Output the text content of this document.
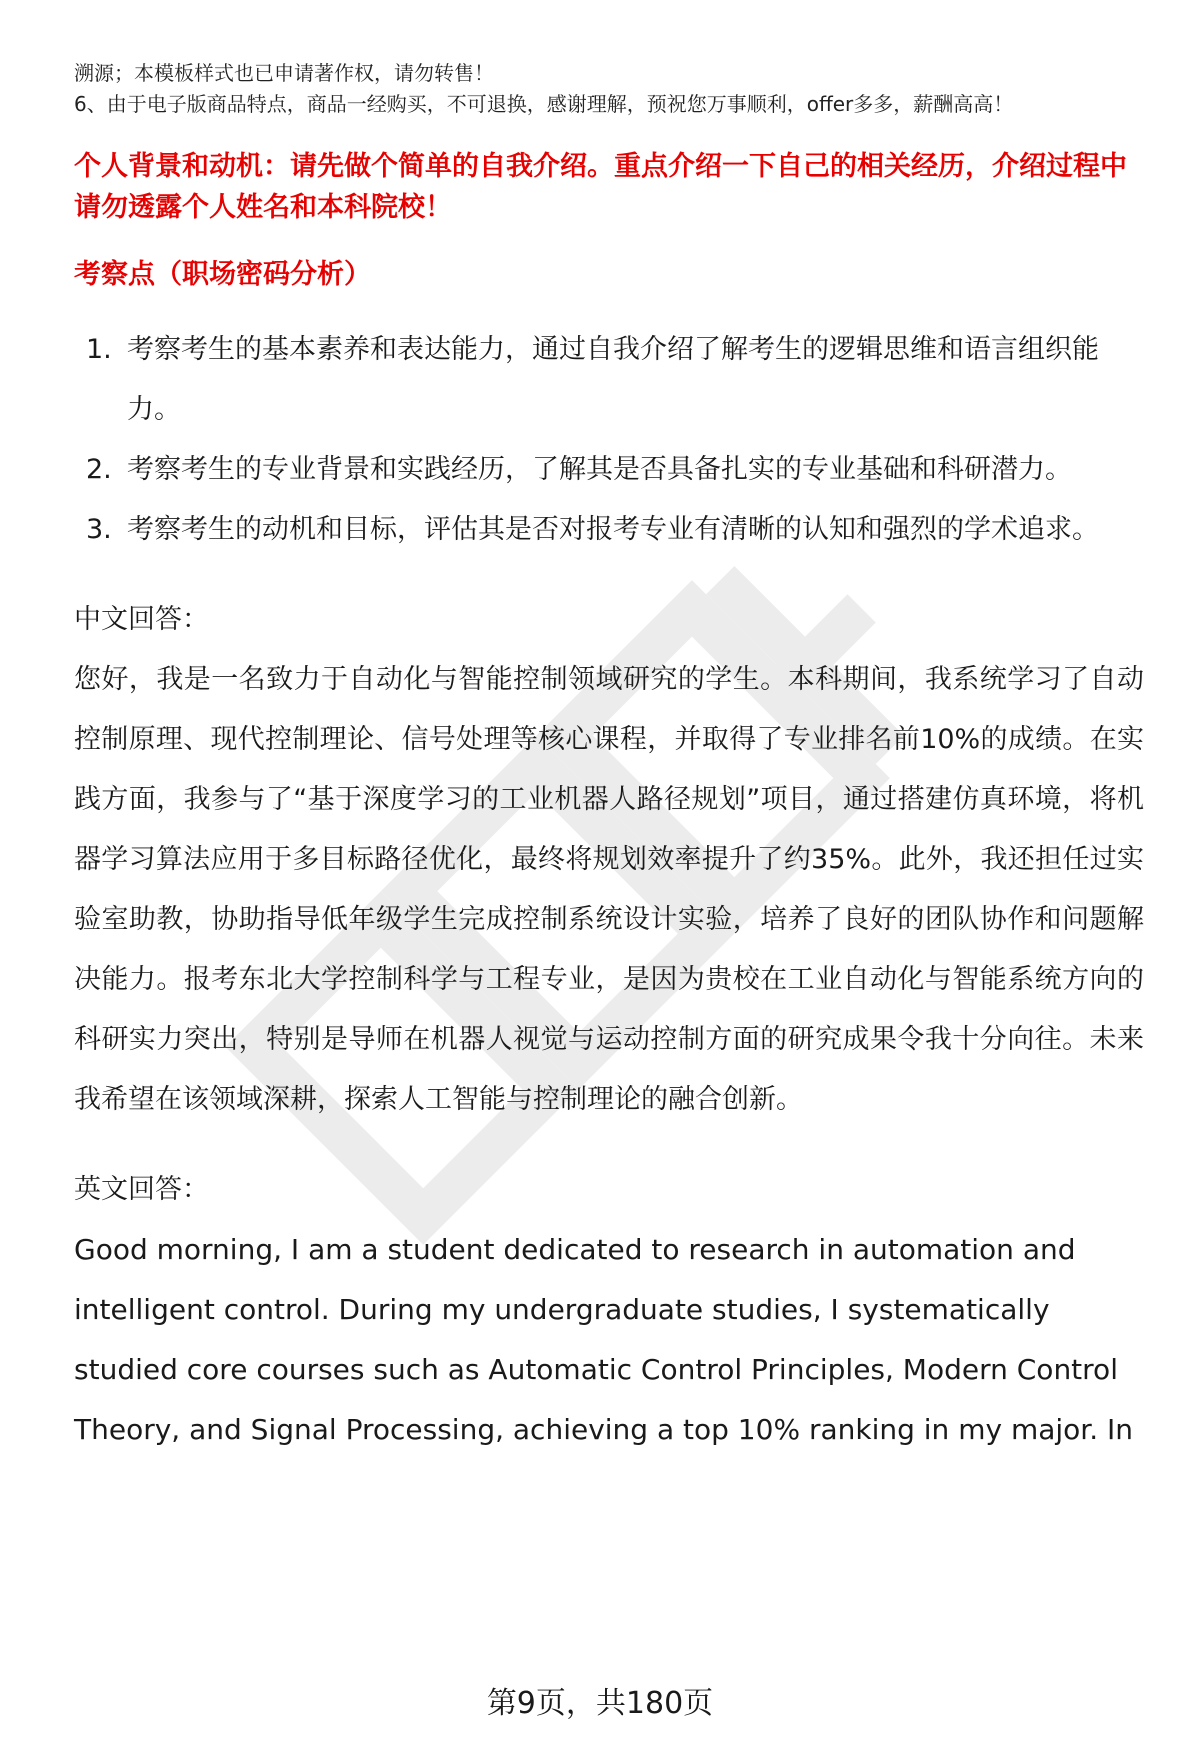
溯源；本模板样式也已申请著作权，请勿转售！

6、由于电子版商品特点，商品一经购买，不可退换，感谢理解，预祝您万事顺利，offer多多，薪酬高高！

个人背景和动机：请先做个简单的自我介绍。重点介绍一下自己的相关经历，介绍过程中请勿透露个人姓名和本科院校！

考察点（职场密码分析）

1. 考察考生的基本素养和表达能力，通过自我介绍了解考生的逻辑思维和语言组织能力。
2. 考察考生的专业背景和实践经历，了解其是否具备扎实的专业基础和科研潜力。
3. 考察考生的动机和目标，评估其是否对报考专业有清晰的认知和强烈的学术追求。

中文回答：

您好，我是一名致力于自动化与智能控制领域研究的学生。本科期间，我系统学习了自动控制原理、现代控制理论、信号处理等核心课程，并取得了专业排名前10%的成绩。在实践方面，我参与了“基于深度学习的工业机器人路径规划”项目，通过搭建仿真环境，将机器学习算法应用于多目标路径优化，最终将规划效率提升了约35%。此外，我还担任过实验室助教，协助指导低年级学生完成控制系统设计实验，培养了良好的团队协作和问题解决能力。报考东北大学控制科学与工程专业，是因为贵校在工业自动化与智能系统方向的科研实力突出，特别是导师在机器人视觉与运动控制方面的研究成果令我十分向往。未来我希望在该领域深耕，探索人工智能与控制理论的融合创新。

英文回答：

Good morning, I am a student dedicated to research in automation and intelligent control. During my undergraduate studies, I systematically studied core courses such as Automatic Control Principles, Modern Control Theory, and Signal Processing, achieving a top 10% ranking in my major. In

第9页，共180页
